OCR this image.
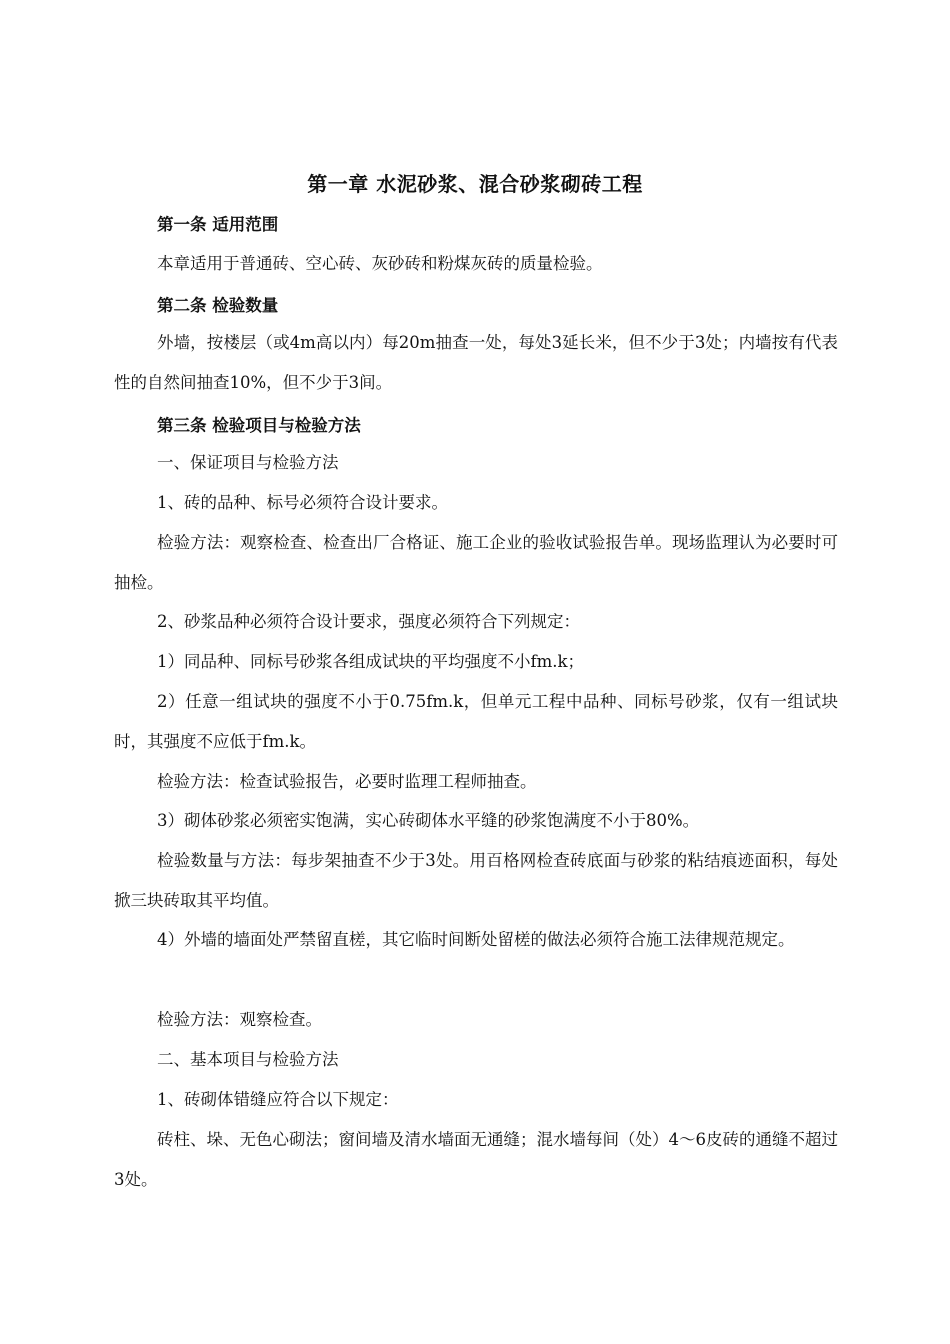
第一章 水泥砂浆、混合砂浆砌砖工程
第一条 适用范围

本章适用于普通砖、空心砖、灰砂砖和粉煤灰砖的质量检验。

第二条 检验数量

外墙，按楼层（或4m高以内）每20m抽查一处，每处3延长米，但不少于3处；内墙按有代表性的自然间抽查10%，但不少于3间。

第三条 检验项目与检验方法

一、保证项目与检验方法

1、砖的品种、标号必须符合设计要求。

检验方法：观察检查、检查出厂合格证、施工企业的验收试验报告单。现场监理认为必要时可抽检。

2、砂浆品种必须符合设计要求，强度必须符合下列规定：

1）同品种、同标号砂浆各组成试块的平均强度不小fm.k；

2）任意一组试块的强度不小于0.75fm.k，但单元工程中品种、同标号砂浆，仅有一组试块时，其强度不应低于fm.k。

检验方法：检查试验报告，必要时监理工程师抽查。

3）砌体砂浆必须密实饱满，实心砖砌体水平缝的砂浆饱满度不小于80%。

检验数量与方法：每步架抽查不少于3处。用百格网检查砖底面与砂浆的粘结痕迹面积，每处掀三块砖取其平均值。

4）外墙的墙面处严禁留直槎，其它临时间断处留槎的做法必须符合施工法律规范规定。

检验方法：观察检查。

二、基本项目与检验方法

1、砖砌体错缝应符合以下规定：

砖柱、垛、无色心砌法；窗间墙及清水墙面无通缝；混水墙每间（处）4～6皮砖的通缝不超过3处。
